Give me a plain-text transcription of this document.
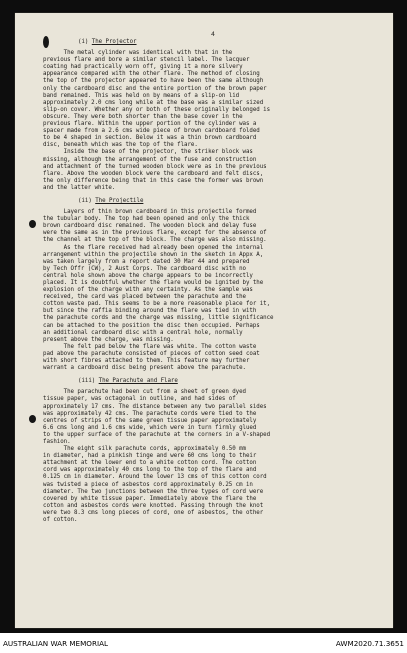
4
(i) The Projector
The metal cylinder was identical with that in the
previous flare and bore a similar stencil label. The lacquer
coating had practically worn off, giving it a more silvery
appearance compared with the other flare. The method of closing
the top of the projector appeared to have been the same although
only the cardboard disc and the entire portion of the brown paper
band remained. This was held on by means of a slip-on lid
approximately 2.0 cms long while at the base was a similar sized
slip-on cover. Whether any or both of these originally belonged is
obscure. They were both shorter than the base cover in the
previous flare. Within the upper portion of the cylinder was a
spacer made from a 2.6 cms wide piece of brown cardboard folded
to be 4 shaped in section. Below it was a thin brown cardboard
disc, beneath which was the top of the flare.
Inside the base of the projector, the striker block was
missing, although the arrangement of the fuse and construction
and attachment of the turned wooden block were as in the previous
flare. Above the wooden block were the cardboard and felt discs,
the only difference being that in this case the former was brown
and the latter white.
(ii) The Projectile
Layers of thin brown cardboard in this projectile formed
the tubular body. The top had been opened and only the thick
brown cardboard disc remained. The wooden block and delay fuse
were the same as in the previous flare, except for the absence of
the channel at the top of the block. The charge was also missing.
As the flare received had already been opened the internal
arrangement within the projectile shown in the sketch in Appx A,
was taken largely from a report dated 30 Mar 44 and prepared
by Tech Offr (CW), 2 Aust Corps. The cardboard disc with no
central hole shown above the charge appears to be incorrectly
placed. It is doubtful whether the flare would be ignited by the
explosion of the charge with any certainty. As the sample was
received, the card was placed between the parachute and the
cotton waste pad. This seems to be a more reasonable place for it,
but since the raffia binding around the flare was tied in with
the parachute cords and the charge was missing, little significance
can be attached to the position the disc then occupied. Perhaps
an additional cardboard disc with a central hole, normally
present above the charge, was missing.
The felt pad below the flare was white. The cotton waste
pad above the parachute consisted of pieces of cotton seed coat
with short fibres attached to them. This feature may further
warrant a cardboard disc being present above the parachute.
(iii) The Parachute and Flare
The parachute had been cut from a sheet of green dyed
tissue paper, was octagonal in outline, and had sides of
approximately 17 cms. The distance between any two parallel sides
was approximately 42 cms. The parachute cords were tied to the
centres of strips of the same green tissue paper approximately
6.6 cms long and 1.6 cms wide, which were in turn firmly glued
to the upper surface of the parachute at the corners in a V-shaped
fashion.
The eight silk parachute cords, approximately 0.50 mm
in diameter, had a pinkish tinge and were 60 cms long to their
attachment at the lower end to a white cotton cord. The cotton
cord was approximately 40 cms long to the top of the flare and
0.125 cm in diameter. Around the lower 13 cms of this cotton cord
was twisted a piece of asbestos cord approximately 0.25 cm in
diameter. The two junctions between the three types of cord were
covered by white tissue paper. Immediately above the flare the
cotton and asbestos cords were knotted. Passing through the knot
were two 8.3 cms long pieces of cord, one of asbestos, the other
of cotton.
AUSTRALIAN WAR MEMORIAL	AWM2020.71.3651
